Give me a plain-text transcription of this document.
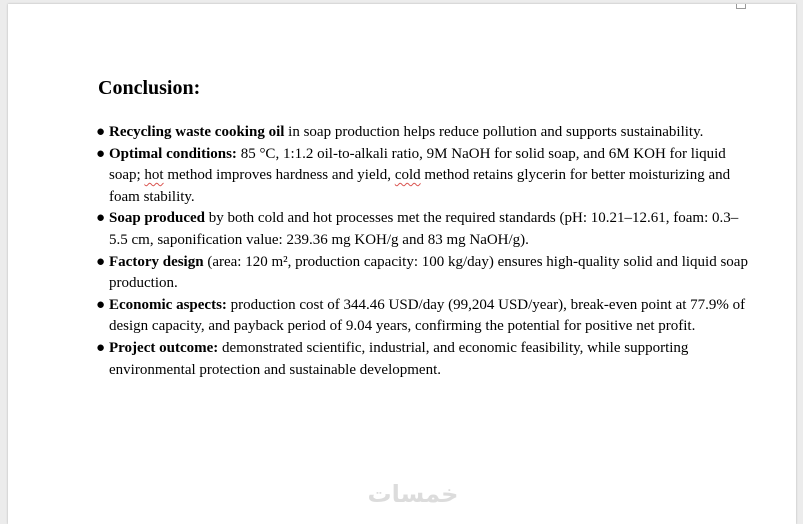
Conclusion:
● Recycling waste cooking oil in soap production helps reduce pollution and supports sustainability.
● Optimal conditions: 85 °C, 1:1.2 oil-to-alkali ratio, 9M NaOH for solid soap, and 6M KOH for liquid soap; hot method improves hardness and yield, cold method retains glycerin for better moisturizing and foam stability.
● Soap produced by both cold and hot processes met the required standards (pH: 10.21–12.61, foam: 0.3–5.5 cm, saponification value: 239.36 mg KOH/g and 83 mg NaOH/g).
● Factory design (area: 120 m², production capacity: 100 kg/day) ensures high-quality solid and liquid soap production.
● Economic aspects: production cost of 344.46 USD/day (99,204 USD/year), break-even point at 77.9% of design capacity, and payback period of 9.04 years, confirming the potential for positive net profit.
● Project outcome: demonstrated scientific, industrial, and economic feasibility, while supporting environmental protection and sustainable development.
خمسات
